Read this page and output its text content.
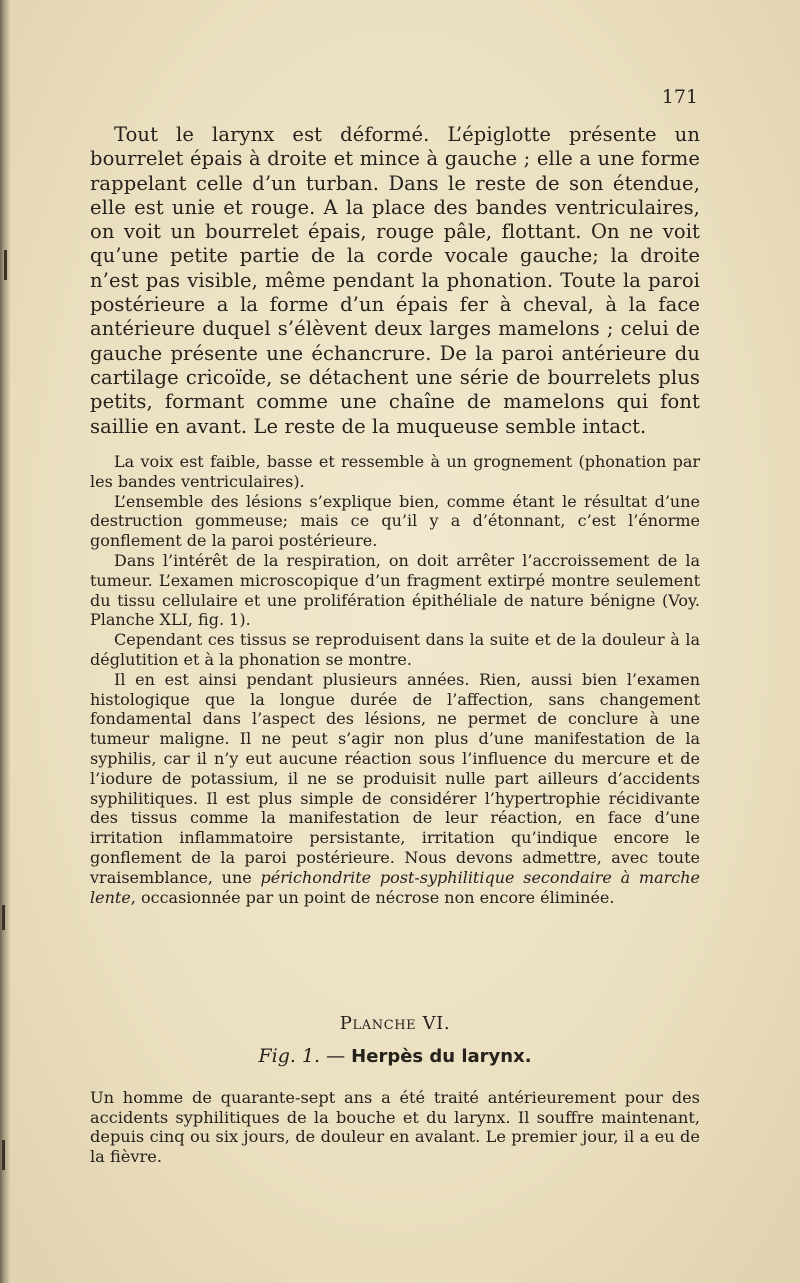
171

Tout le larynx est déformé. L’épiglotte présente un bourrelet épais à droite et mince à gauche ; elle a une forme rappelant celle d’un turban. Dans le reste de son étendue, elle est unie et rouge. A la place des bandes ventriculaires, on voit un bourrelet épais, rouge pâle, flottant. On ne voit qu’une petite partie de la corde vocale gauche; la droite n’est pas visible, même pendant la phonation. Toute la paroi postérieure a la forme d’un épais fer à cheval, à la face antérieure duquel s’élèvent deux larges mamelons ; celui de gauche présente une échancrure. De la paroi antérieure du cartilage cricoïde, se détachent une série de bourrelets plus petits, formant comme une chaîne de mamelons qui font saillie en avant. Le reste de la muqueuse semble intact.

La voix est faible, basse et ressemble à un grognement (phonation par les bandes ventriculaires).

L’ensemble des lésions s’explique bien, comme étant le résultat d’une destruction gommeuse; mais ce qu’il y a d’étonnant, c’est l’énorme gonflement de la paroi postérieure.

Dans l’intérêt de la respiration, on doit arrêter l’accroissement de la tumeur. L’examen microscopique d’un fragment extirpé montre seulement du tissu cellulaire et une prolifération épithéliale de nature bénigne (Voy. Planche XLI, fig. 1).

Cependant ces tissus se reproduisent dans la suite et de la douleur à la déglutition et à la phonation se montre.

Il en est ainsi pendant plusieurs années. Rien, aussi bien l’examen histologique que la longue durée de l’affection, sans changement fondamental dans l’aspect des lésions, ne permet de conclure à une tumeur maligne. Il ne peut s’agir non plus d’une manifestation de la syphilis, car il n’y eut aucune réaction sous l’influence du mercure et de l’iodure de potassium, il ne se produisit nulle part ailleurs d’accidents syphilitiques. Il est plus simple de considérer l’hypertrophie récidivante des tissus comme la manifestation de leur réaction, en face d’une irritation inflammatoire persistante, irritation qu’indique encore le gonflement de la paroi postérieure. Nous devons admettre, avec toute vraisemblance, une périchondrite post-syphilitique secondaire à marche lente, occasionnée par un point de nécrose non encore éliminée.

Planche VI.
Fig. 1. — Herpès du larynx.

Un homme de quarante-sept ans a été traité antérieurement pour des accidents syphilitiques de la bouche et du larynx. Il souffre maintenant, depuis cinq ou six jours, de douleur en avalant. Le premier jour, il a eu de la fièvre.
